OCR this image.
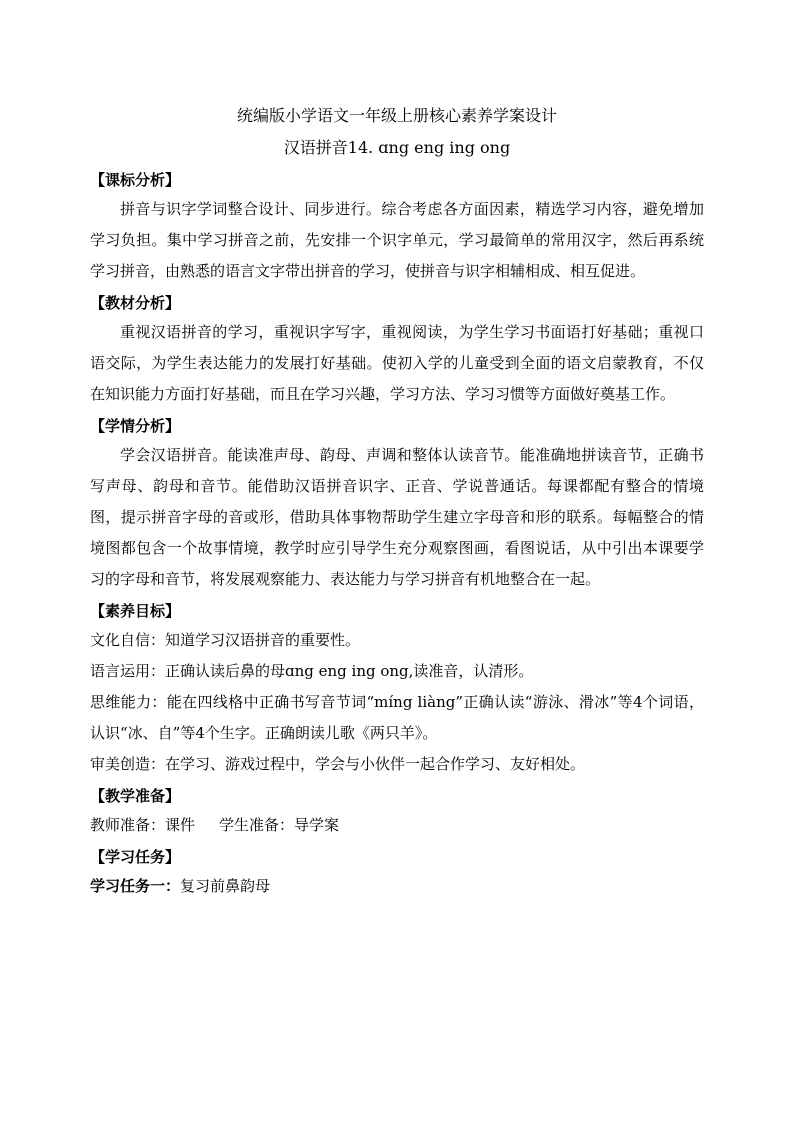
统编版小学语文一年级上册核心素养学案设计

汉语拼音14. ɑng eng ing ong

【课标分析】

拼音与识字学词整合设计、同步进行。综合考虑各方面因素，精选学习内容，避免增加学习负担。集中学习拼音之前，先安排一个识字单元，学习最简单的常用汉字，然后再系统学习拼音，由熟悉的语言文字带出拼音的学习，使拼音与识字相辅相成、相互促进。

【教材分析】

重视汉语拼音的学习，重视识字写字，重视阅读，为学生学习书面语打好基础；重视口语交际，为学生表达能力的发展打好基础。使初入学的儿童受到全面的语文启蒙教育，不仅在知识能力方面打好基础，而且在学习兴趣，学习方法、学习习惯等方面做好奠基工作。

【学情分析】

学会汉语拼音。能读准声母、韵母、声调和整体认读音节。能准确地拼读音节，正确书写声母、韵母和音节。能借助汉语拼音识字、正音、学说普通话。每课都配有整合的情境图，提示拼音字母的音或形，借助具体事物帮助学生建立字母音和形的联系。每幅整合的情境图都包含一个故事情境，教学时应引导学生充分观察图画，看图说话，从中引出本课要学习的字母和音节，将发展观察能力、表达能力与学习拼音有机地整合在一起。

【素养目标】

文化自信：知道学习汉语拼音的重要性。

语言运用：正确认读后鼻的母ɑng eng ing ong,读准音，认清形。

思维能力：能在四线格中正确书写音节词“míng liàng”正确认读“游泳、滑冰”等4个词语，认识“冰、自”等4个生字。正确朗读儿歌《两只羊》。

审美创造：在学习、游戏过程中，学会与小伙伴一起合作学习、友好相处。

【教学准备】

教师准备：课件 学生准备：导学案

【学习任务】

学习任务一：复习前鼻韵母
